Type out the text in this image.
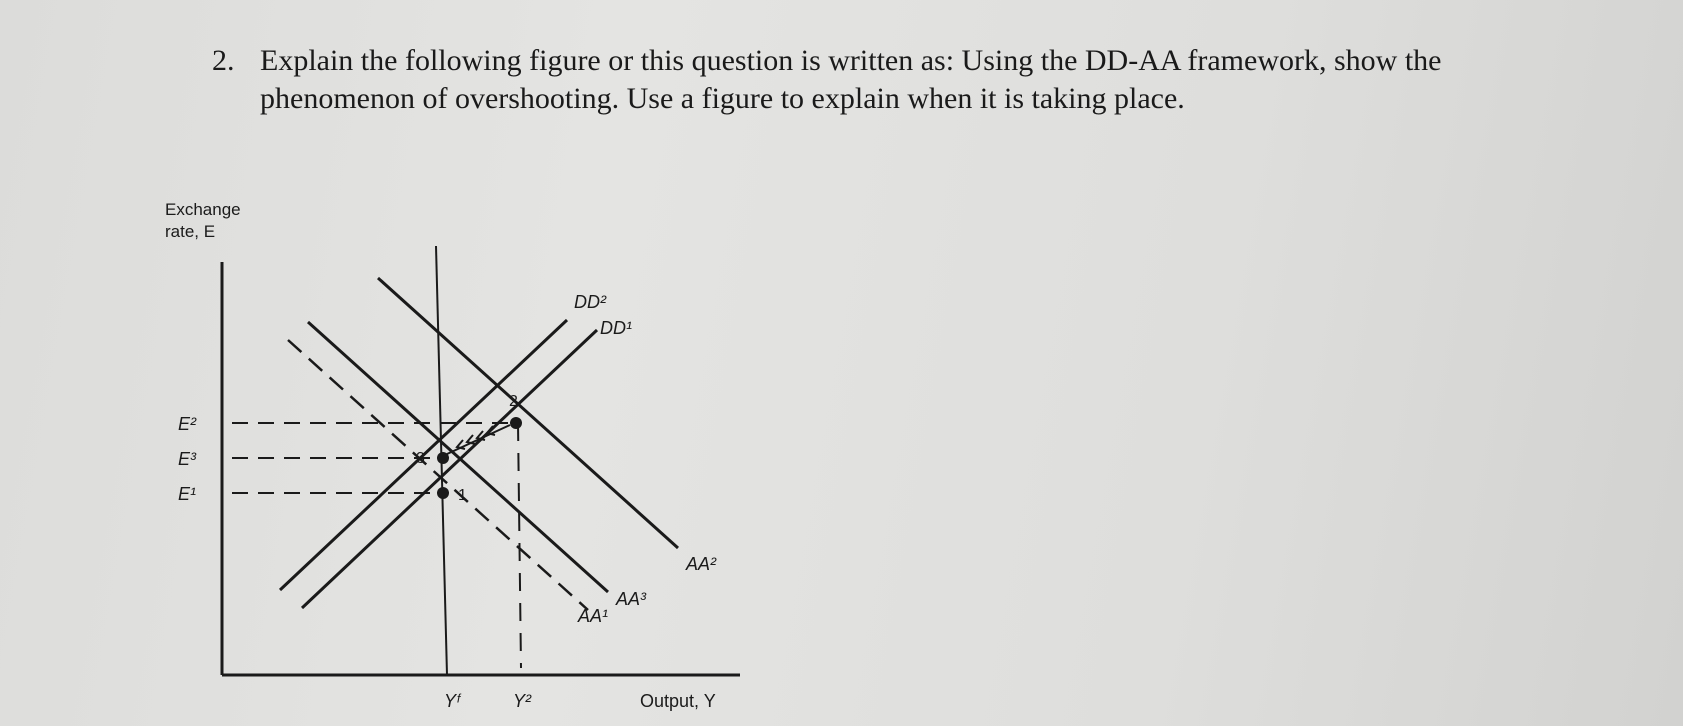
2. Explain the following figure or this question is written as: Using the DD-AA framework, show the phenomenon of overshooting. Use a figure to explain when it is taking place.
Exchange
rate, E
Output, Y
E²
E³
E¹
Yᶠ	Y²
DD²
DD¹
AA²
AA³
AA¹
1
2
3
